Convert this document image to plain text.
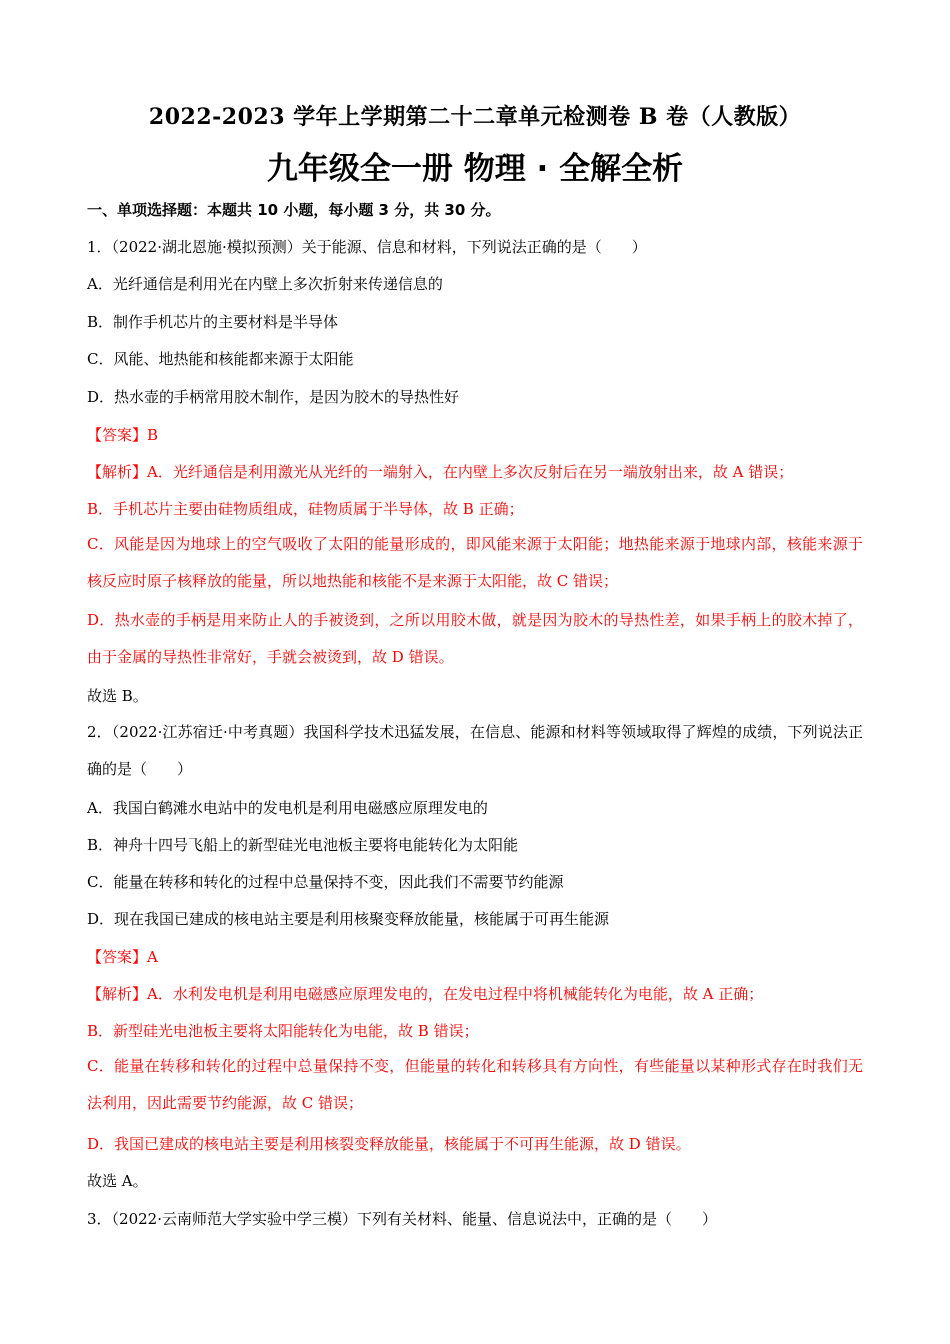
2022-2023 学年上学期第二十二章单元检测卷 B 卷（人教版）
九年级全一册 物理 · 全解全析
一、单项选择题：本题共 10 小题，每小题 3 分，共 30 分。
1．（2022·湖北恩施·模拟预测）关于能源、信息和材料，下列说法正确的是（　　）
A．光纤通信是利用光在内壁上多次折射来传递信息的
B．制作手机芯片的主要材料是半导体
C．风能、地热能和核能都来源于太阳能
D．热水壶的手柄常用胶木制作，是因为胶木的导热性好
【答案】B
【解析】A．光纤通信是利用激光从光纤的一端射入，在内壁上多次反射后在另一端放射出来，故 A 错误；
B．手机芯片主要由硅物质组成，硅物质属于半导体，故 B 正确；
C．风能是因为地球上的空气吸收了太阳的能量形成的，即风能来源于太阳能；地热能来源于地球内部，核能来源于核反应时原子核释放的能量，所以地热能和核能不是来源于太阳能，故 C 错误；
D．热水壶的手柄是用来防止人的手被烫到，之所以用胶木做，就是因为胶木的导热性差，如果手柄上的胶木掉了，由于金属的导热性非常好，手就会被烫到，故 D 错误。
故选 B。
2．（2022·江苏宿迁·中考真题）我国科学技术迅猛发展，在信息、能源和材料等领域取得了辉煌的成绩，下列说法正确的是（　　）
A．我国白鹤滩水电站中的发电机是利用电磁感应原理发电的
B．神舟十四号飞船上的新型硅光电池板主要将电能转化为太阳能
C．能量在转移和转化的过程中总量保持不变，因此我们不需要节约能源
D．现在我国已建成的核电站主要是利用核聚变释放能量，核能属于可再生能源
【答案】A
【解析】A．水利发电机是利用电磁感应原理发电的，在发电过程中将机械能转化为电能，故 A 正确；
B．新型硅光电池板主要将太阳能转化为电能，故 B 错误；
C．能量在转移和转化的过程中总量保持不变，但能量的转化和转移具有方向性，有些能量以某种形式存在时我们无法利用，因此需要节约能源，故 C 错误；
D．我国已建成的核电站主要是利用核裂变释放能量，核能属于不可再生能源，故 D 错误。
故选 A。
3．（2022·云南师范大学实验中学三模）下列有关材料、能量、信息说法中，正确的是（　　）
